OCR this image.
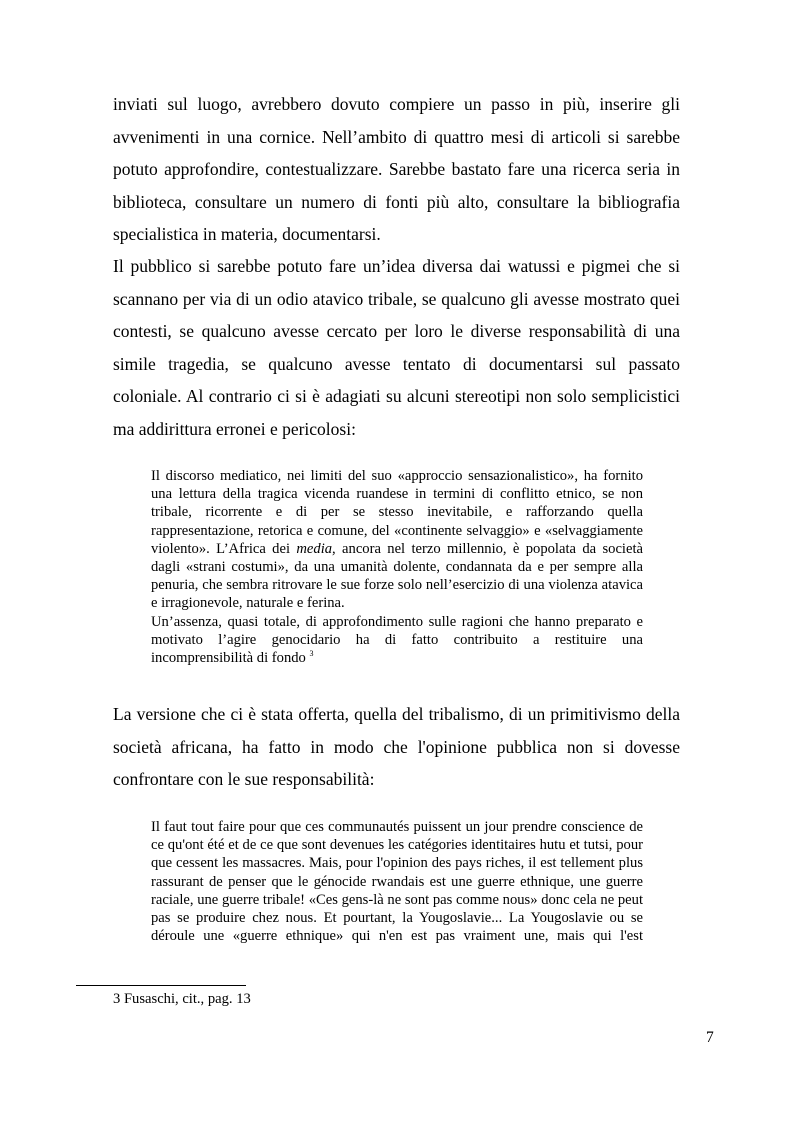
inviati sul luogo, avrebbero dovuto compiere un passo in più, inserire gli avvenimenti in una cornice. Nell’ambito di quattro mesi di articoli si sarebbe potuto approfondire, contestualizzare. Sarebbe bastato fare una ricerca seria in biblioteca, consultare un numero di fonti più alto, consultare la bibliografia specialistica in materia, documentarsi.

Il pubblico si sarebbe potuto fare un’idea diversa dai watussi e pigmei che si scannano per via di un odio atavico tribale, se qualcuno gli avesse mostrato quei contesti, se qualcuno avesse cercato per loro le diverse responsabilità di una simile tragedia, se qualcuno avesse tentato di documentarsi sul passato coloniale. Al contrario ci si è adagiati su alcuni stereotipi non solo semplicistici ma addirittura erronei e pericolosi:

Il discorso mediatico, nei limiti del suo «approccio sensazionalistico», ha fornito una lettura della tragica vicenda ruandese in termini di conflitto etnico, se non tribale, ricorrente e di per se stesso inevitabile, e rafforzando quella rappresentazione, retorica e comune, del «continente selvaggio» e «selvaggiamente violento». L’Africa dei media, ancora nel terzo millennio, è popolata da società dagli «strani costumi», da una umanità dolente, condannata da e per sempre alla penuria, che sembra ritrovare le sue forze solo nell’esercizio di una violenza atavica e irragionevole, naturale e ferina.

Un’assenza, quasi totale, di approfondimento sulle ragioni che hanno preparato e motivato l’agire genocidario ha di fatto contribuito a restituire una incomprensibilità di fondo $^3$

La versione che ci è stata offerta, quella del tribalismo, di un primitivismo della società africana, ha fatto in modo che l'opinione pubblica non si dovesse confrontare con le sue responsabilità:

Il faut tout faire pour que ces communautés puissent un jour prendre conscience de ce qu'ont été et de ce que sont devenues les catégories identitaires hutu et tutsi, pour que cessent les massacres. Mais, pour l'opinion des pays riches, il est tellement plus rassurant de penser que le génocide rwandais est une guerre ethnique, une guerre raciale, une guerre tribale! «Ces gens-là ne sont pas comme nous» donc cela ne peut pas se produire chez nous. Et pourtant, la Yougoslavie... La Yougoslavie ou se déroule une «guerre ethnique» qui n'en est pas vraiment une, mais qui l'est

3 Fusaschi, cit., pag. 13
7
